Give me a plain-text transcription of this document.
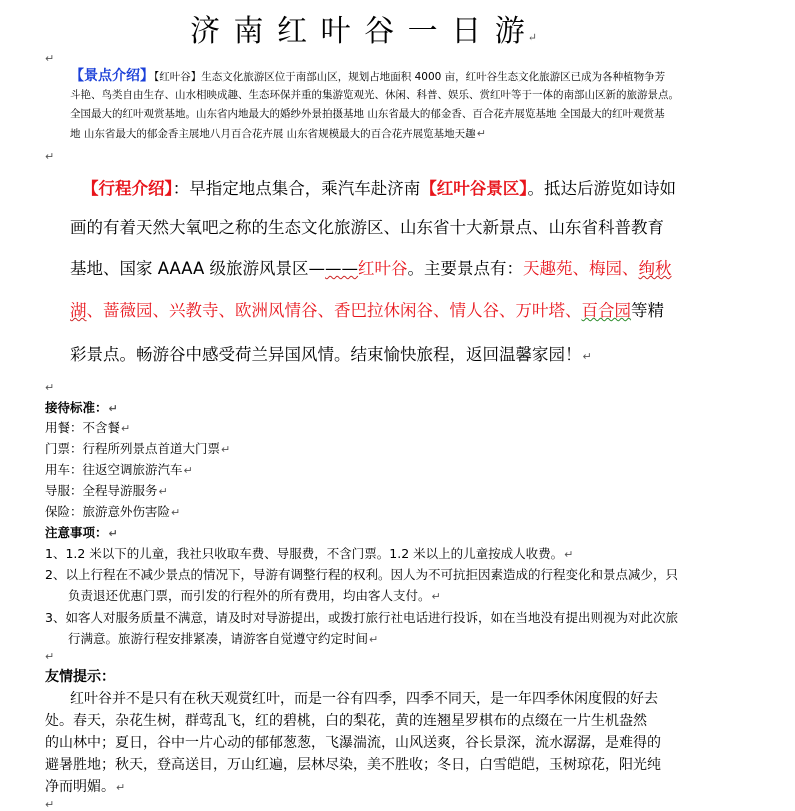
济 南 红 叶 谷 一 日 游↵
↵
【景点介绍】【红叶谷】生态文化旅游区位于南部山区，规划占地面积 4000 亩，红叶谷生态文化旅游区已成为各种植物争芳
斗艳、鸟类自由生存、山水相映成趣、生态环保并重的集游览观光、休闲、科普、娱乐、赏红叶等于一体的南部山区新的旅游景点。
全国最大的红叶观赏基地。山东省内地最大的婚纱外景拍摄基地 山东省最大的郁金香、百合花卉展览基地 全国最大的红叶观赏基
地 山东省最大的郁金香主展地八月百合花卉展 山东省规模最大的百合花卉展览基地天趣↵
↵
【行程介绍】：早指定地点集合，乘汽车赴济南【红叶谷景区】。抵达后游览如诗如
画的有着天然大氧吧之称的生态文化旅游区、山东省十大新景点、山东省科普教育
基地、国家 AAAA 级旅游风景区———红叶谷。主要景点有：天趣苑、梅园、绚秋
湖、蔷薇园、兴教寺、欧洲风情谷、香巴拉休闲谷、情人谷、万叶塔、百合园等精
彩景点。畅游谷中感受荷兰异国风情。结束愉快旅程，返回温馨家园！↵
↵
接待标准：↵
用餐：不含餐↵
门票：行程所列景点首道大门票↵
用车：往返空调旅游汽车↵
导服：全程导游服务↵
保险：旅游意外伤害险↵
注意事项：↵
1、1.2 米以下的儿童，我社只收取车费、导服费，不含门票。1.2 米以上的儿童按成人收费。↵
2、以上行程在不减少景点的情况下，导游有调整行程的权利。因人为不可抗拒因素造成的行程变化和景点减少，只
负责退还优惠门票，而引发的行程外的所有费用，均由客人支付。↵
3、如客人对服务质量不满意，请及时对导游提出，或拨打旅行社电话进行投诉，如在当地没有提出则视为对此次旅
行满意。旅游行程安排紧凑，请游客自觉遵守约定时间↵
↵
友情提示：
红叶谷并不是只有在秋天观赏红叶，而是一谷有四季，四季不同天，是一年四季休闲度假的好去
处。春天，杂花生树，群莺乱飞，红的碧桃，白的梨花，黄的连翘星罗棋布的点缀在一片生机盎然
的山林中；夏日，谷中一片心动的郁郁葱葱，飞瀑湍流，山风送爽，谷长景深，流水潺潺，是难得的
避暑胜地；秋天，登高送目，万山红遍，层林尽染，美不胜收；冬日，白雪皑皑，玉树琼花，阳光纯
净而明媚。↵
↵
